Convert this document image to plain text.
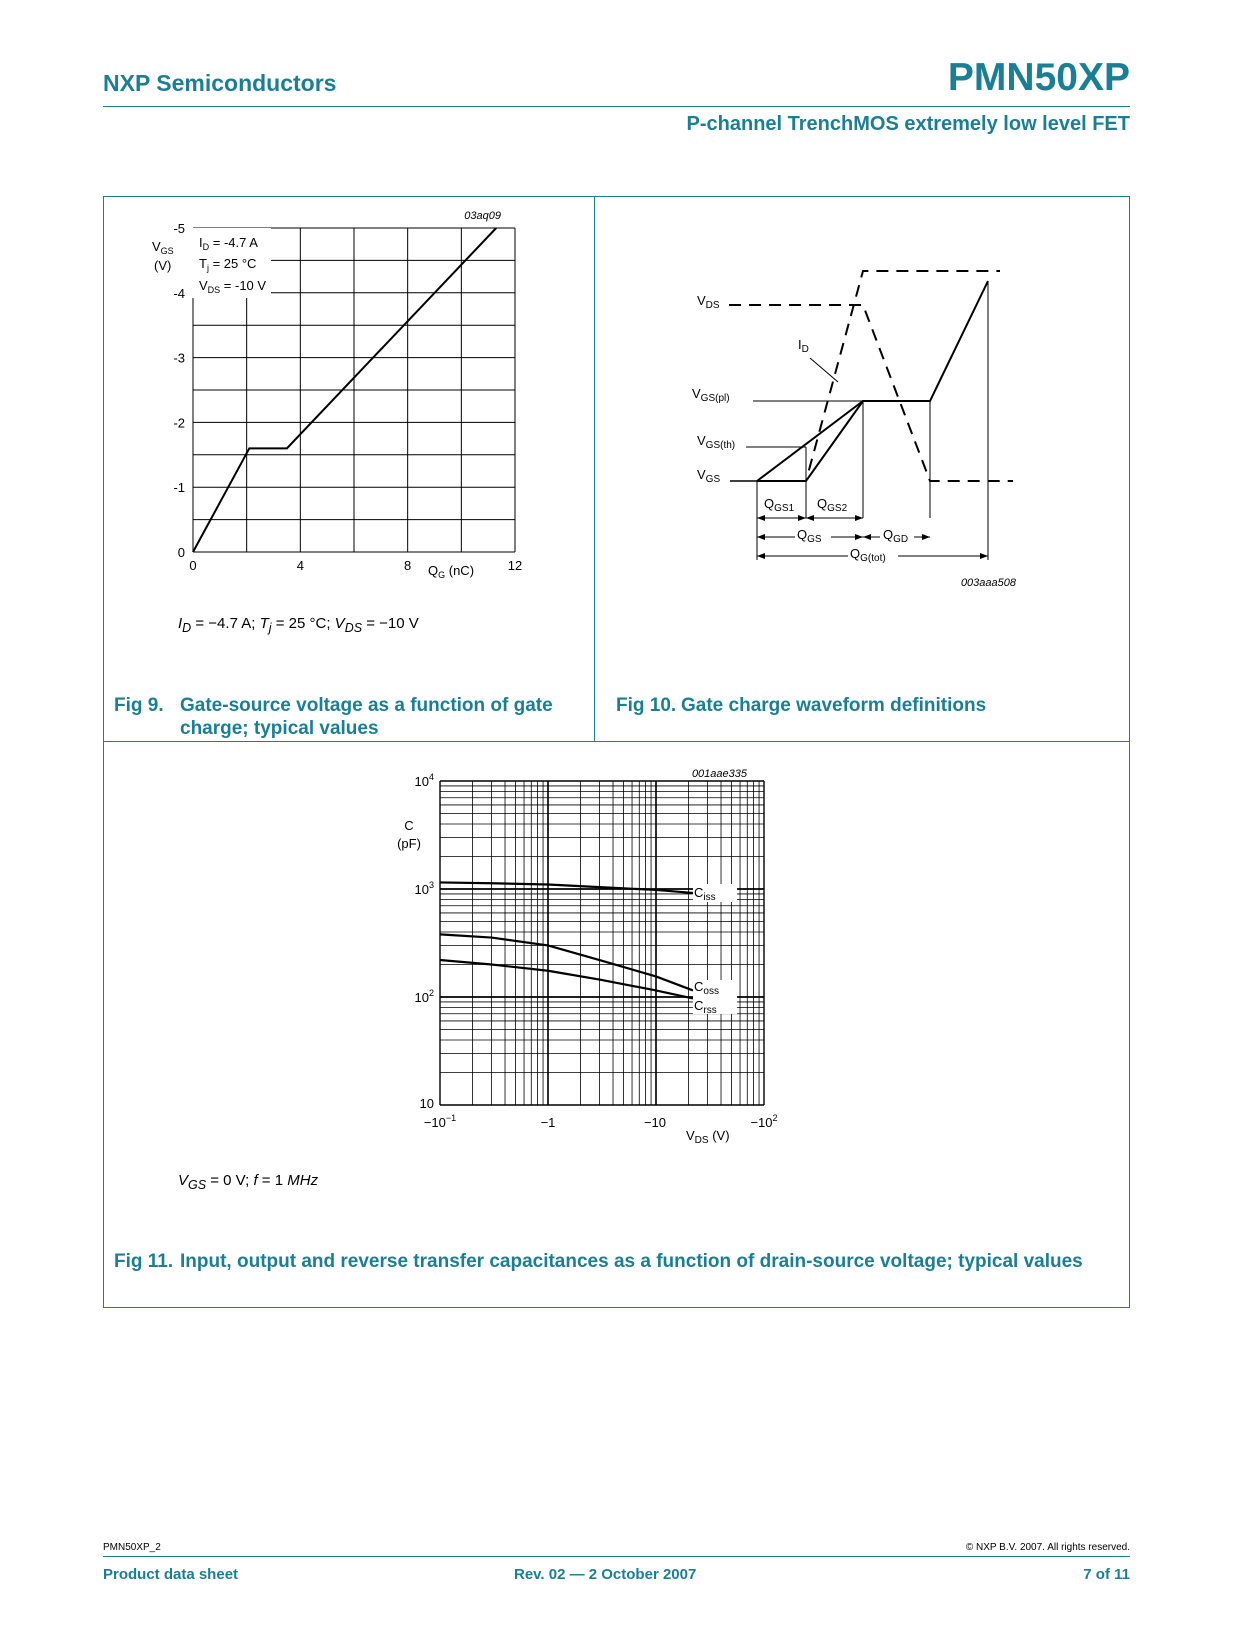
NXP Semiconductors	PMN50XP
P-channel TrenchMOS extremely low level FET
0	4	8	12
0
-1
-2
-3
-4
-5
03aq09
$V_{GS}$
(V)
$Q_G$ (nC)
$I_D = -4.7$ A
$T_j = 25$ °C
$V_{DS} = -10$ V
$I_D = -4.7$ A; $T_j = 25$ °C; $V_{DS} = -10$ V
Fig 9. Gate-source voltage as a function of gate charge; typical values
$V_{DS}$
$I_D$
$V_{GS(pl)}$
$V_{GS(th)}$
$V_{GS}$
$Q_{GS1}$ $Q_{GS2}$
$Q_{GS}$	$Q_{GD}$
$Q_{G(tot)}$
003aaa508
Fig 10. Gate charge waveform definitions
001aae335
C
(pF)
$V_{DS}$ (V)
$10^4$
$10^3$
$10^2$
10
$-10^{-1}$	−1	−10	$-10^2$
$C_{iss}$
$C_{oss}$
$C_{rss}$
$V_{GS} = 0$ V; f = 1 MHz
Fig 11. Input, output and reverse transfer capacitances as a function of drain-source voltage; typical values
PMN50XP_2	© NXP B.V. 2007. All rights reserved.
Product data sheet	Rev. 02 — 2 October 2007	7 of 11
